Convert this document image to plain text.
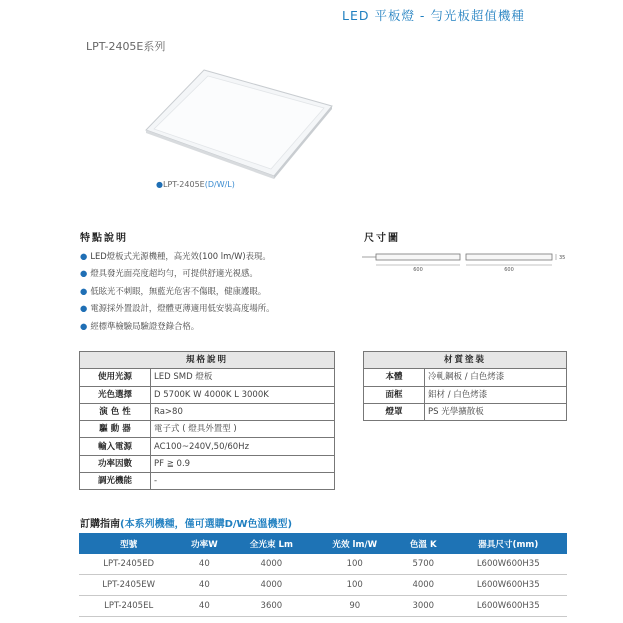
LED 平板燈 - 勻光板超值機種
LPT-2405E系列
●LPT-2405E(D/W/L)
特點說明
● LED燈板式光源機種，高光效(100 lm/W)表現。
● 燈具發光面亮度超均勻，可提供舒適光視感。
● 低眩光不刺眼，無藍光危害不傷眼，健康護眼。
● 電源採外置設計，燈體更薄適用低安裝高度場所。
● 經標準檢驗局驗證登錄合格。
尺寸圖
600	600
35
規格說明	
使用光源	LED SMD 燈板
光色選擇	D 5700K W 4000K L 3000K
演 色 性	Ra>80
驅 動 器	電子式 ( 燈具外置型 )
輸入電源	AC100~240V,50/60Hz
功率因數	PF ≧ 0.9
調光機能	-
材質塗裝	
本體	冷軋鋼板 / 白色烤漆
面框	鋁材 / 白色烤漆
燈罩	PS 光學擴散板
訂購指南(本系列機種，僅可選購D/W色溫機型)
型號	功率W	全光束 Lm	光效 lm/W	色溫 K	器具尺寸(mm)
LPT-2405ED	40	4000	100	5700	L600W600H35
LPT-2405EW	40	4000	100	4000	L600W600H35
LPT-2405EL	40	3600	90	3000	L600W600H35
